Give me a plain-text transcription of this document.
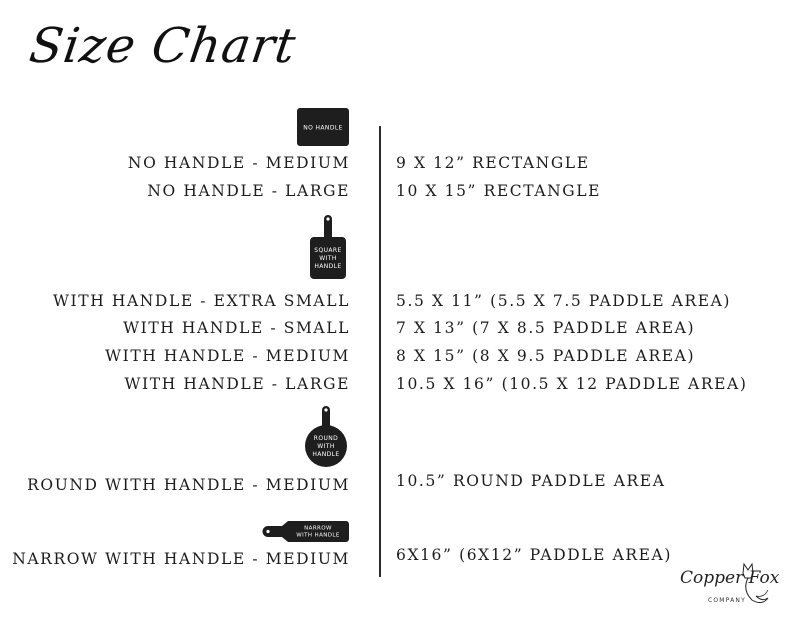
Size Chart
NO HANDLE
NO HANDLE - MEDIUM	9 X 12” RECTANGLE
NO HANDLE - LARGE	10 X 15” RECTANGLE
SQUARE
WITH
HANDLE
WITH HANDLE - EXTRA SMALL	5.5 X 11” (5.5 X 7.5 PADDLE AREA)
WITH HANDLE - SMALL	7 X 13” (7 X 8.5 PADDLE AREA)
WITH HANDLE - MEDIUM	8 X 15” (8 X 9.5 PADDLE AREA)
WITH HANDLE - LARGE	10.5 X 16” (10.5 X 12 PADDLE AREA)
ROUND
WITH
HANDLE
ROUND WITH HANDLE - MEDIUM	10.5” ROUND PADDLE AREA
NARROW
WITH HANDLE
NARROW WITH HANDLE - MEDIUM	6X16” (6X12” PADDLE AREA)
Copper Fox
COMPANY
